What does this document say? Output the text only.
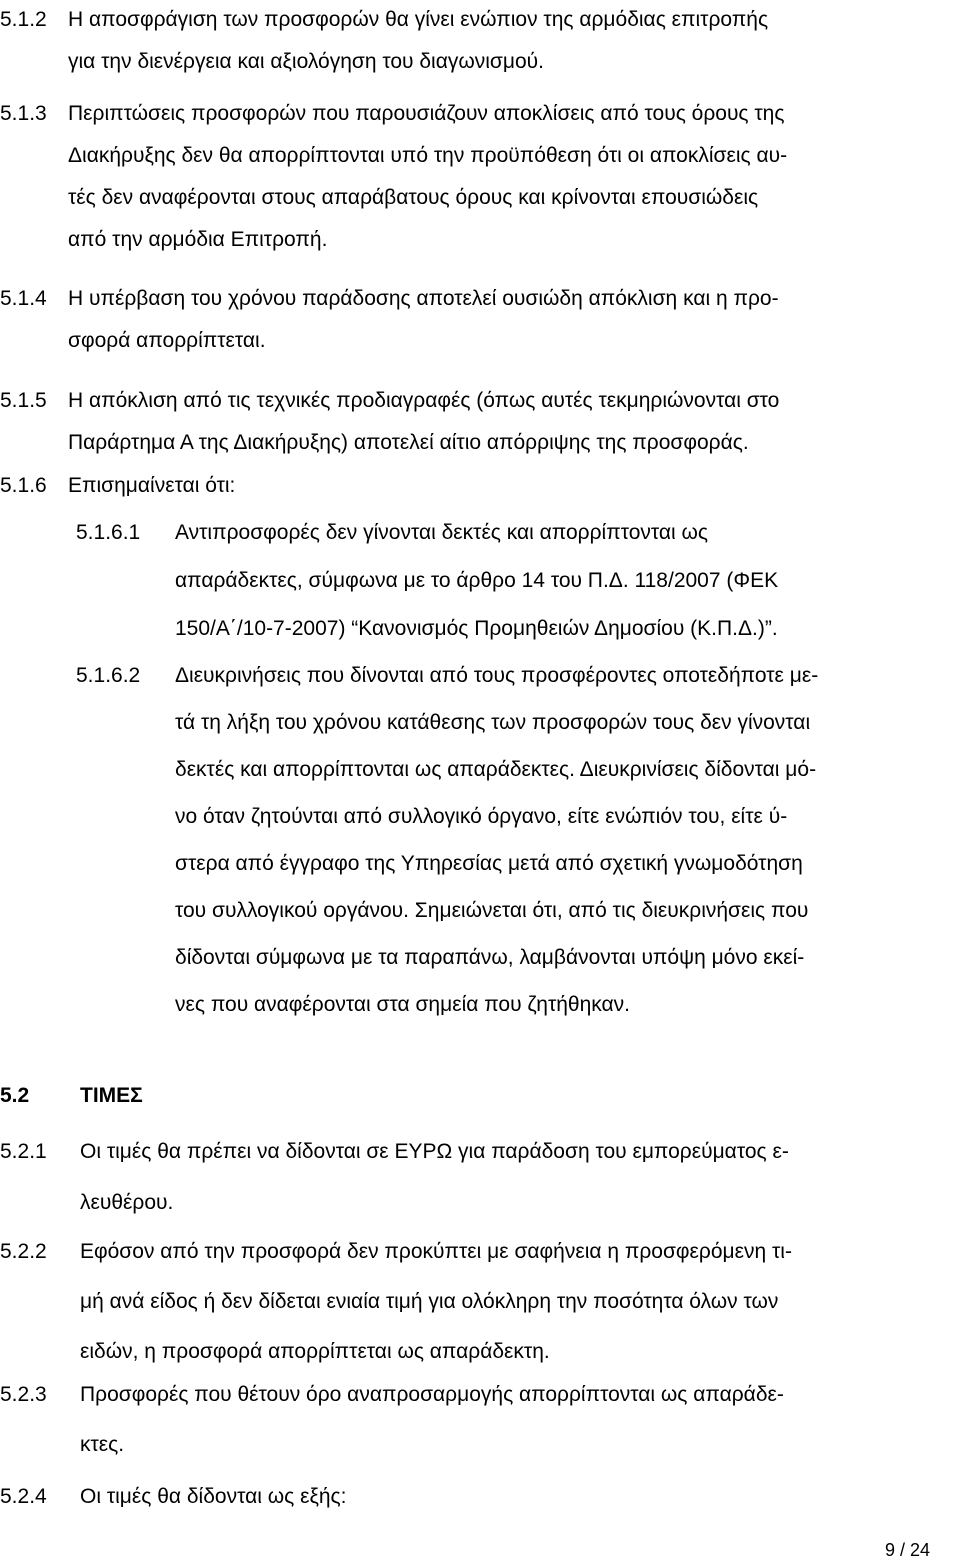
5.1.2 Η αποσφράγιση των προσφορών θα γίνει ενώπιον της αρμόδιας επιτροπής
για την διενέργεια και αξιολόγηση του διαγωνισμού.
5.1.3 Περιπτώσεις προσφορών που παρουσιάζουν αποκλίσεις από τους όρους της
Διακήρυξης δεν θα απορρίπτονται υπό την προϋπόθεση ότι οι αποκλίσεις αυ-
τές δεν αναφέρονται στους απαράβατους όρους και κρίνονται επουσιώδεις
από την αρμόδια Επιτροπή.
5.1.4 Η υπέρβαση του χρόνου παράδοσης αποτελεί ουσιώδη απόκλιση και η προ-
σφορά απορρίπτεται.
5.1.5 Η απόκλιση από τις τεχνικές προδιαγραφές (όπως αυτές τεκμηριώνονται στο
Παράρτημα Α της Διακήρυξης) αποτελεί αίτιο απόρριψης της προσφοράς.
5.1.6 Επισημαίνεται ότι:
5.1.6.1 Αντιπροσφορές δεν γίνονται δεκτές και απορρίπτονται ως
απαράδεκτες, σύμφωνα με το άρθρο 14 του Π.Δ. 118/2007 (ΦΕΚ
150/Α΄/10-7-2007) “Κανονισμός Προμηθειών Δημοσίου (Κ.Π.Δ.)”.
5.1.6.2 Διευκρινήσεις που δίνονται από τους προσφέροντες οποτεδήποτε με-
τά τη λήξη του χρόνου κατάθεσης των προσφορών τους δεν γίνονται
δεκτές και απορρίπτονται ως απαράδεκτες. Διευκρινίσεις δίδονται μό-
νο όταν ζητούνται από συλλογικό όργανο, είτε ενώπιόν του, είτε ύ-
στερα από έγγραφο της Υπηρεσίας μετά από σχετική γνωμοδότηση
του συλλογικού οργάνου. Σημειώνεται ότι, από τις διευκρινήσεις που
δίδονται σύμφωνα με τα παραπάνω, λαμβάνονται υπόψη μόνο εκεί-
νες που αναφέρονται στα σημεία που ζητήθηκαν.
5.2 ΤΙΜΕΣ
5.2.1 Οι τιμές θα πρέπει να δίδονται σε ΕΥΡΩ για παράδοση του εμπορεύματος ε-
λευθέρου.
5.2.2 Εφόσον από την προσφορά δεν προκύπτει με σαφήνεια η προσφερόμενη τι-
μή ανά είδος ή δεν δίδεται ενιαία τιμή για ολόκληρη την ποσότητα όλων των
ειδών, η προσφορά απορρίπτεται ως απαράδεκτη.
5.2.3 Προσφορές που θέτουν όρο αναπροσαρμογής απορρίπτονται ως απαράδε-
κτες.
5.2.4 Οι τιμές θα δίδονται ως εξής:
9 / 24
